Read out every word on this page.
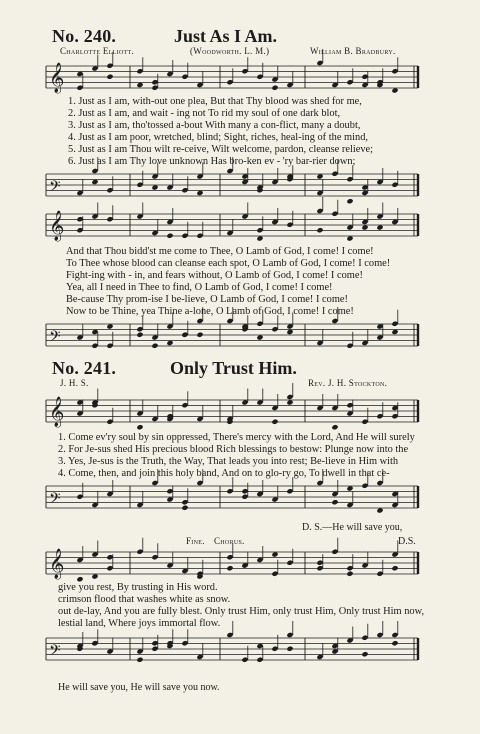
No. 240.	Just As I Am.
Charlotte Elliott.	(Woodworth. L. M.)	William B. Bradbury.
𝄞
1. Just as I am, with-out one plea, But that Thy blood was shed for me,
2. Just as I am, and wait - ing not To rid my soul of one dark blot,
3. Just as I am, tho'tossed a-bout With many a con-flict, many a doubt,
4. Just as I am poor, wretched, blind; Sight, riches, heal-ing of the mind,
5. Just as I am Thou wilt re-ceive, Wilt welcome, pardon, cleanse relieve;
6. Just as I am Thy love unknown Has bro-ken ev - 'ry bar-rier down;
𝄢
𝄞
And that Thou bidd'st me come to Thee, O Lamb of God, I come! I come!
To Thee whose blood can cleanse each spot, O Lamb of God, I come! I come!
Fight-ing with - in, and fears without, O Lamb of God, I come! I come!
Yea, all I need in Thee to find, O Lamb of God, I come! I come!
Be-cause Thy prom-ise I be-lieve, O Lamb of God, I come! I come!
Now to be Thine, yea Thine a-lone, O Lamb of God, I come! I come!
𝄢
No. 241.	Only Trust Him.
J. H. S.	Rev. J. H. Stockton.
𝄞
1. Come ev'ry soul by sin oppressed, There's mercy with the Lord, And He will surely
2. For Je-sus shed His precious blood Rich blessings to bestow: Plunge now into the
3. Yes, Je-sus is the Truth, the Way, That leads you into rest; Be-lieve in Him with
4. Come, then, and join this holy band, And on to glo-ry go, To dwell in that ce-
𝄢
D. S.—He will save you,
Fine. Chorus.	D.S.
𝄞
give you rest, By trusting in His word.
crimson flood that washes white as snow.
out de-lay, And you are fully blest. Only trust Him, only trust Him, Only trust Him now,
lestial land, Where joys immortal flow.
𝄢
He will save you, He will save you now.
